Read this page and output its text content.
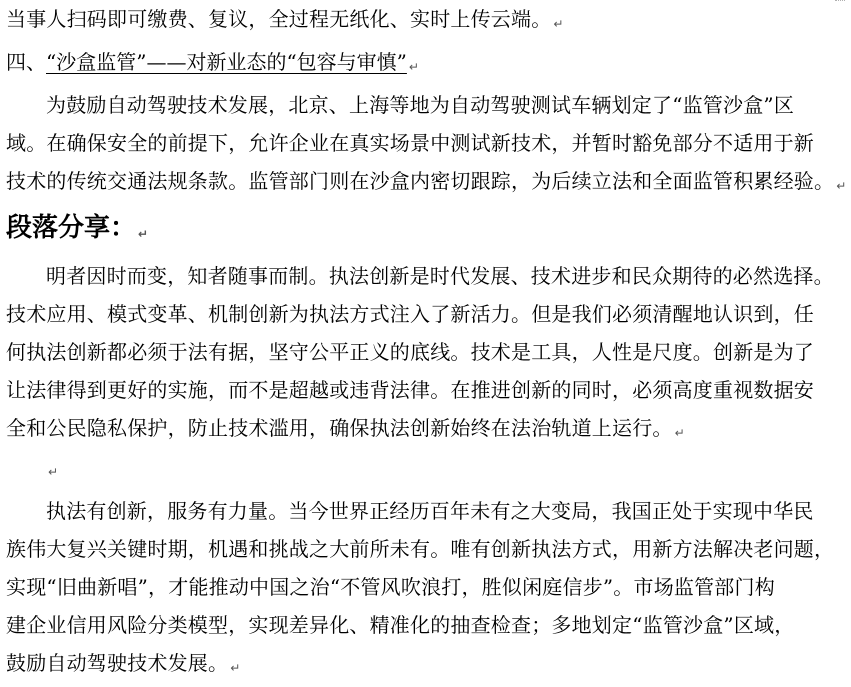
当事人扫码即可缴费、复议，全过程无纸化、实时上传云端。 ↵
四、“沙盒监管”——对新业态的“包容与审慎” ↵
为鼓励自动驾驶技术发展，北京、上海等地为自动驾驶测试车辆划定了“监管沙盒”区
域。在确保安全的前提下，允许企业在真实场景中测试新技术，并暂时豁免部分不适用于新
技术的传统交通法规条款。监管部门则在沙盒内密切跟踪，为后续立法和全面监管积累经验。 ↵
段落分享： ↵
明者因时而变，知者随事而制。执法创新是时代发展、技术进步和民众期待的必然选择。
技术应用、模式变革、机制创新为执法方式注入了新活力。但是我们必须清醒地认识到，任
何执法创新都必须于法有据，坚守公平正义的底线。技术是工具，人性是尺度。创新是为了
让法律得到更好的实施，而不是超越或违背法律。在推进创新的同时，必须高度重视数据安
全和公民隐私保护，防止技术滥用，确保执法创新始终在法治轨道上运行。 ↵
↵
执法有创新，服务有力量。当今世界正经历百年未有之大变局，我国正处于实现中华民
族伟大复兴关键时期，机遇和挑战之大前所未有。唯有创新执法方式，用新方法解决老问题，
实现“旧曲新唱”，才能推动中国之治“不管风吹浪打，胜似闲庭信步”。市场监管部门构
建企业信用风险分类模型，实现差异化、精准化的抽查检查；多地划定“监管沙盒”区域，
鼓励自动驾驶技术发展。 ↵
